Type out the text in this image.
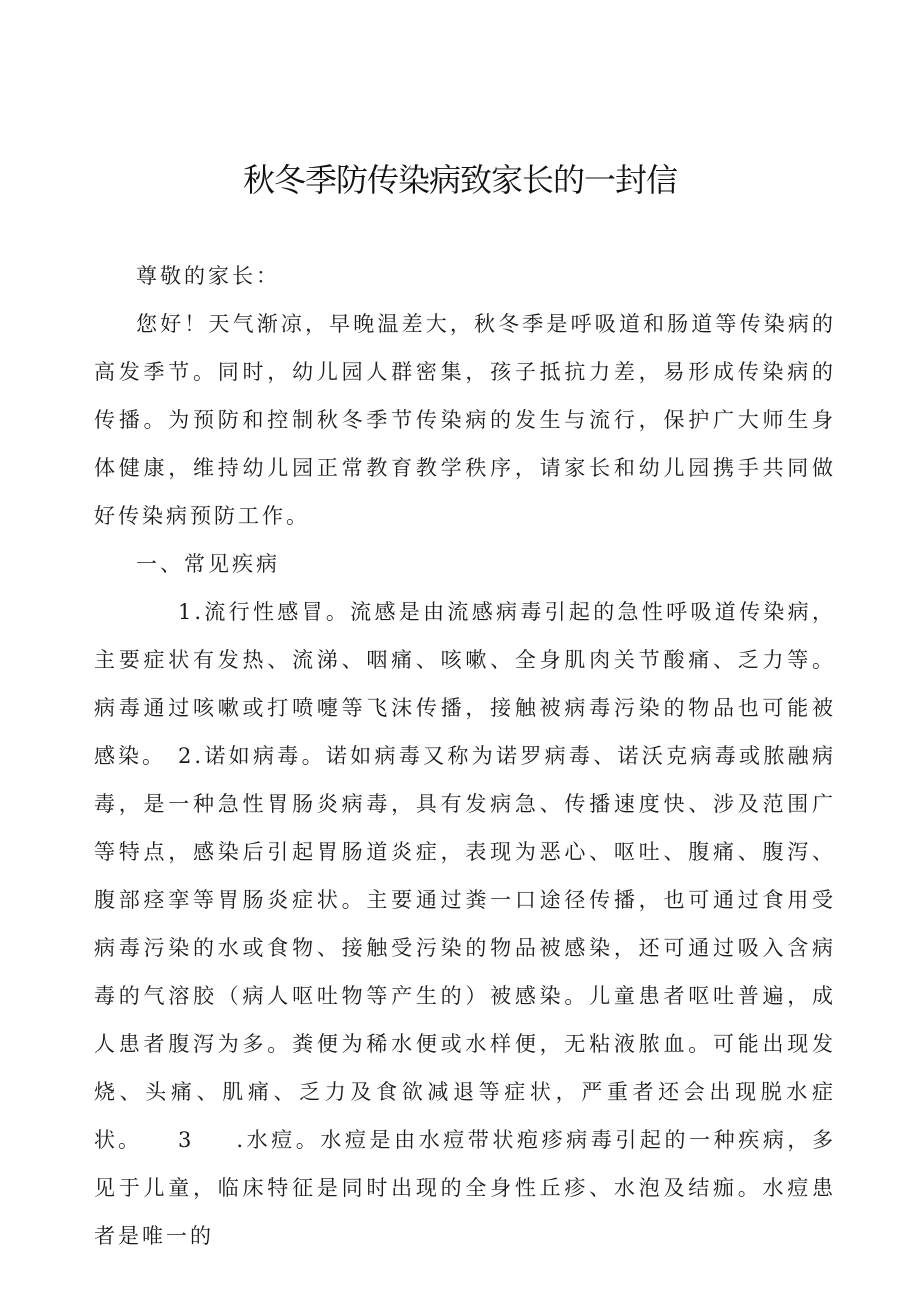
秋冬季防传染病致家长的一封信

尊敬的家长：

您好！天气渐凉，早晚温差大，秋冬季是呼吸道和肠道等传染病的高发季节。同时，幼儿园人群密集，孩子抵抗力差，易形成传染病的传播。为预防和控制秋冬季节传染病的发生与流行，保护广大师生身体健康，维持幼儿园正常教育教学秩序，请家长和幼儿园携手共同做好传染病预防工作。

一、常见疾病

1.流行性感冒。流感是由流感病毒引起的急性呼吸道传染病，主要症状有发热、流涕、咽痛、咳嗽、全身肌肉关节酸痛、乏力等。病毒通过咳嗽或打喷嚏等飞沫传播，接触被病毒污染的物品也可能被感染。 2.诺如病毒。诺如病毒又称为诺罗病毒、诺沃克病毒或脓融病毒，是一种急性胃肠炎病毒，具有发病急、传播速度快、涉及范围广等特点，感染后引起胃肠道炎症，表现为恶心、呕吐、腹痛、腹泻、腹部痉挛等胃肠炎症状。主要通过粪一口途径传播，也可通过食用受病毒污染的水或食物、接触受污染的物品被感染，还可通过吸入含病毒的气溶胶（病人呕吐物等产生的）被感染。儿童患者呕吐普遍，成人患者腹泻为多。粪便为稀水便或水样便，无粘液脓血。可能出现发烧、头痛、肌痛、乏力及食欲减退等症状，严重者还会出现脱水症状。	3 .水痘。水痘是由水痘带状疱疹病毒引起的一种疾病，多见于儿童，临床特征是同时出现的全身性丘疹、水泡及结痂。水痘患者是唯一的
